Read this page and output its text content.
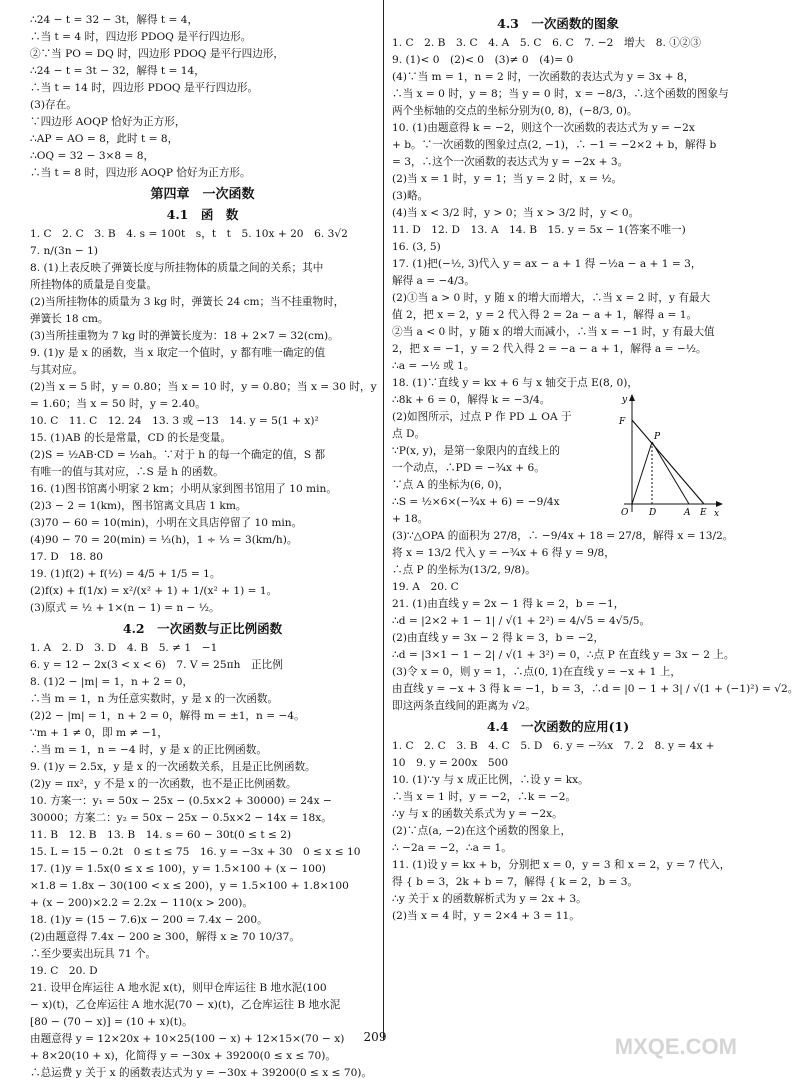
∴24 − t = 32 − 3t，解得 t = 4，
∴当 t = 4 时，四边形 PDOQ 是平行四边形。
②∵当 PO = DQ 时，四边形 PDOQ 是平行四边形，
∴24 − t = 3t − 32，解得 t = 14，
∴当 t = 14 时，四边形 PDOQ 是平行四边形。
(3)存在。
∵四边形 AOQP 恰好为正方形，
∴AP = AO = 8，此时 t = 8，
∴OQ = 32 − 3×8 = 8，
∴当 t = 8 时，四边形 AOQP 恰好为正方形。
第四章　一次函数
4.1　函　数
1. C　2. C　3. B　4. s = 100t　s，t　t　5. 10x + 20　6. 3√2
7. n/(3n − 1)
8. (1)上表反映了弹簧长度与所挂物体的质量之间的关系；其中
所挂物体的质量是自变量。
(2)当所挂物体的质量为 3 kg 时，弹簧长 24 cm；当不挂重物时，
弹簧长 18 cm。
(3)当所挂重物为 7 kg 时的弹簧长度为：18 + 2×7 = 32(cm)。
9. (1)y 是 x 的函数，当 x 取定一个值时，y 都有唯一确定的值
与其对应。
(2)当 x = 5 时，y = 0.80；当 x = 10 时，y = 0.80；当 x = 30 时，y
= 1.60；当 x = 50 时，y = 2.40。
10. C　11. C　12. 24　13. 3 或 −13　14. y = 5(1 + x)²
15. (1)AB 的长是常量，CD 的长是变量。
(2)S = ½AB·CD = ½ah。∵对于 h 的每一个确定的值，S 都
有唯一的值与其对应，∴S 是 h 的函数。
16. (1)图书馆离小明家 2 km；小明从家到图书馆用了 10 min。
(2)3 − 2 = 1(km)，图书馆离文具店 1 km。
(3)70 − 60 = 10(min)，小明在文具店停留了 10 min。
(4)90 − 70 = 20(min) = ⅓(h)，1 ÷ ⅓ = 3(km/h)。
17. D　18. 80
19. (1)f(2) + f(½) = 4/5 + 1/5 = 1。
(2)f(x) + f(1/x) = x²/(x² + 1) + 1/(x² + 1) = 1。
(3)原式 = ½ + 1×(n − 1) = n − ½。
4.2　一次函数与正比例函数
1. A　2. D　3. D　4. B　5. ≠ 1　−1
6. y = 12 − 2x(3 < x < 6)　7. V = 25πh　正比例
8. (1)2 − |m| = 1，n + 2 = 0，
∴当 m = 1，n 为任意实数时，y 是 x 的一次函数。
(2)2 − |m| = 1，n + 2 = 0，解得 m = ±1，n = −4。
∵m + 1 ≠ 0，即 m ≠ −1，
∴当 m = 1，n = −4 时，y 是 x 的正比例函数。
9. (1)y = 2.5x，y 是 x 的一次函数关系，且是正比例函数。
(2)y = πx²，y 不是 x 的一次函数，也不是正比例函数。
10. 方案一：y₁ = 50x − 25x − (0.5x×2 + 30000) = 24x −
30000；方案二：y₂ = 50x − 25x − 0.5x×2 − 14x = 18x。
11. B　12. B　13. B　14. s = 60 − 30t(0 ≤ t ≤ 2)
15. L = 15 − 0.2t　0 ≤ t ≤ 75　16. y = −3x + 30　0 ≤ x ≤ 10
17. (1)y = 1.5x(0 ≤ x ≤ 100)，y = 1.5×100 + (x − 100)
×1.8 = 1.8x − 30(100 < x ≤ 200)，y = 1.5×100 + 1.8×100
+ (x − 200)×2.2 = 2.2x − 110(x > 200)。
18. (1)y = (15 − 7.6)x − 200 = 7.4x − 200。
(2)由题意得 7.4x − 200 ≥ 300，解得 x ≥ 70 10/37。
∴至少要卖出玩具 71 个。
19. C　20. D
21. 设甲仓库运往 A 地水泥 x(t)，则甲仓库运往 B 地水泥(100
− x)(t)，乙仓库运往 A 地水泥(70 − x)(t)，乙仓库运往 B 地水泥
[80 − (70 − x)] = (10 + x)(t)。
由题意得 y = 12×20x + 10×25(100 − x) + 12×15×(70 − x)
+ 8×20(10 + x)，化简得 y = −30x + 39200(0 ≤ x ≤ 70)。
∴总运费 y 关于 x 的函数表达式为 y = −30x + 39200(0 ≤ x ≤ 70)。
4.3　一次函数的图象
1. C　2. B　3. C　4. A　5. C　6. C　7. −2　增大　8. ①②③
9. (1)< 0　(2)< 0　(3)≠ 0　(4)= 0
(4)∵当 m = 1，n = 2 时，一次函数的表达式为 y = 3x + 8，
∴当 x = 0 时，y = 8；当 y = 0 时，x = −8/3，∴这个函数的图象与
两个坐标轴的交点的坐标分别为(0, 8)，(−8/3, 0)。
10. (1)由题意得 k = −2，则这个一次函数的表达式为 y = −2x
+ b。∵一次函数的图象过点(2, −1)，∴ −1 = −2×2 + b，解得 b
= 3，∴这个一次函数的表达式为 y = −2x + 3。
(2)当 x = 1 时，y = 1；当 y = 2 时，x = ½。
(3)略。
(4)当 x < 3/2 时，y > 0；当 x > 3/2 时，y < 0。
11. D　12. D　13. A　14. B　15. y = 5x − 1(答案不唯一)
16. (3, 5)
17. (1)把(−½, 3)代入 y = ax − a + 1 得 −½a − a + 1 = 3，
解得 a = −4/3。
(2)①当 a > 0 时，y 随 x 的增大而增大，∴当 x = 2 时，y 有最大
值 2，把 x = 2，y = 2 代入得 2 = 2a − a + 1，解得 a = 1。
②当 a < 0 时，y 随 x 的增大而减小，∴当 x = −1 时，y 有最大值
2，把 x = −1，y = 2 代入得 2 = −a − a + 1，解得 a = −½。
∴a = −½ 或 1。
18. (1)∵直线 y = kx + 6 与 x 轴交于点 E(8, 0)，
y
x
F
P
O D	A E
∴8k + 6 = 0，解得 k = −3/4。
(2)如图所示，过点 P 作 PD ⊥ OA 于
点 D。
∵P(x, y)，是第一象限内的直线上的
一个动点，∴PD = −¾x + 6。
∵点 A 的坐标为(6, 0)，
∴S = ½×6×(−¾x + 6) = −9/4x
+ 18。
(3)∵△OPA 的面积为 27/8，∴ −9/4x + 18 = 27/8，解得 x = 13/2。
将 x = 13/2 代入 y = −¾x + 6 得 y = 9/8，
∴点 P 的坐标为(13/2, 9/8)。
19. A　20. C
21. (1)由直线 y = 2x − 1 得 k = 2，b = −1，
∴d = |2×2 + 1 − 1| / √(1 + 2²) = 4/√5 = 4√5/5。
(2)由直线 y = 3x − 2 得 k = 3，b = −2，
∴d = |3×1 − 1 − 2| / √(1 + 3²) = 0，∴点 P 在直线 y = 3x − 2 上。
(3)令 x = 0，则 y = 1，∴点(0, 1)在直线 y = −x + 1 上，
由直线 y = −x + 3 得 k = −1，b = 3，∴d = |0 − 1 + 3| / √(1 + (−1)²) = √2。
即这两条直线间的距离为 √2。
4.4　一次函数的应用(1)
1. C　2. C　3. B　4. C　5. D　6. y = −⅔x　7. 2　8. y = 4x +
10　9. y = 200x　500
10. (1)∵y 与 x 成正比例，∴设 y = kx。
∴当 x = 1 时，y = −2，∴k = −2。
∴y 与 x 的函数关系式为 y = −2x。
(2)∵点(a, −2)在这个函数的图象上，
∴ −2a = −2，∴a = 1。
11. (1)设 y = kx + b，分别把 x = 0，y = 3 和 x = 2，y = 7 代入，
得 { b = 3，2k + b = 7，解得 { k = 2，b = 3。
∴y 关于 x 的函数解析式为 y = 2x + 3。
(2)当 x = 4 时，y = 2×4 + 3 = 11。
209	MXQE.COM
